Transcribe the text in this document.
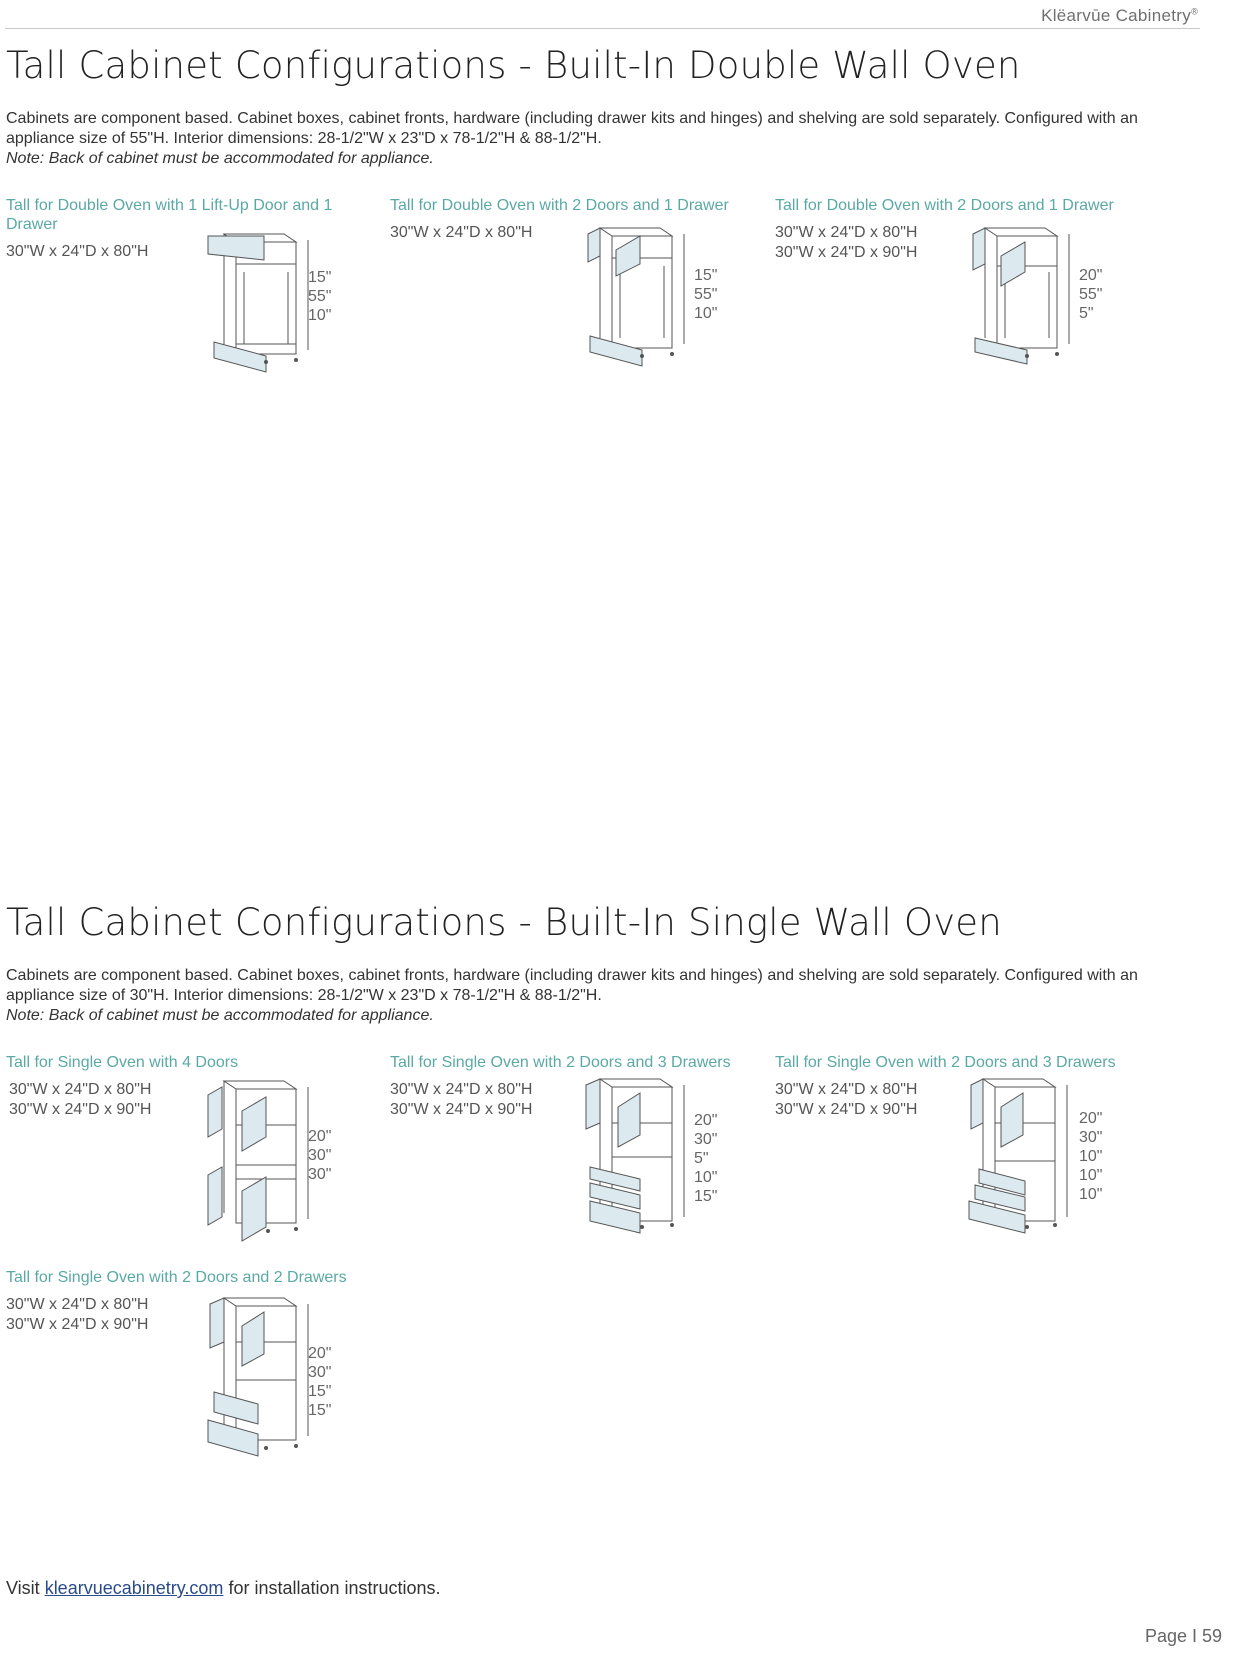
Klëarvūe Cabinetry®
Tall Cabinet Configurations - Built-In Double Wall Oven
Cabinets are component based. Cabinet boxes, cabinet fronts, hardware (including drawer kits and hinges) and shelving are sold separately. Configured with an appliance size of 55"H. Interior dimensions: 28-1/2"W x 23"D x 78-1/2"H & 88-1/2"H.
Note: Back of cabinet must be accommodated for appliance.
Tall for Double Oven with 1 Lift-Up Door and 1 Drawer
30"W x 24"D x 80"H
15"
55"
10"
Tall for Double Oven with 2 Doors and 1 Drawer
30"W x 24"D x 80"H
15"
55"
10"
Tall for Double Oven with 2 Doors and 1 Drawer
30"W x 24"D x 80"H
30"W x 24"D x 90"H
20"
55"
5"
Tall Cabinet Configurations - Built-In Single Wall Oven
Cabinets are component based. Cabinet boxes, cabinet fronts, hardware (including drawer kits and hinges) and shelving are sold separately. Configured with an appliance size of 30"H. Interior dimensions: 28-1/2"W x 23"D x 78-1/2"H & 88-1/2"H.
Note: Back of cabinet must be accommodated for appliance.
Tall for Single Oven with 4 Doors
30"W x 24"D x 80"H
30"W x 24"D x 90"H
20"
30"
30"
Tall for Single Oven with 2 Doors and 3 Drawers
30"W x 24"D x 80"H
30"W x 24"D x 90"H
20"
30"
5"
10"
15"
Tall for Single Oven with 2 Doors and 3 Drawers
30"W x 24"D x 80"H
30"W x 24"D x 90"H
20"
30"
10"
10"
10"
Tall for Single Oven with 2 Doors and 2 Drawers
30"W x 24"D x 80"H
30"W x 24"D x 90"H
20"
30"
15"
15"
Visit klearvuecabinetry.com for installation instructions.
Page I 59
